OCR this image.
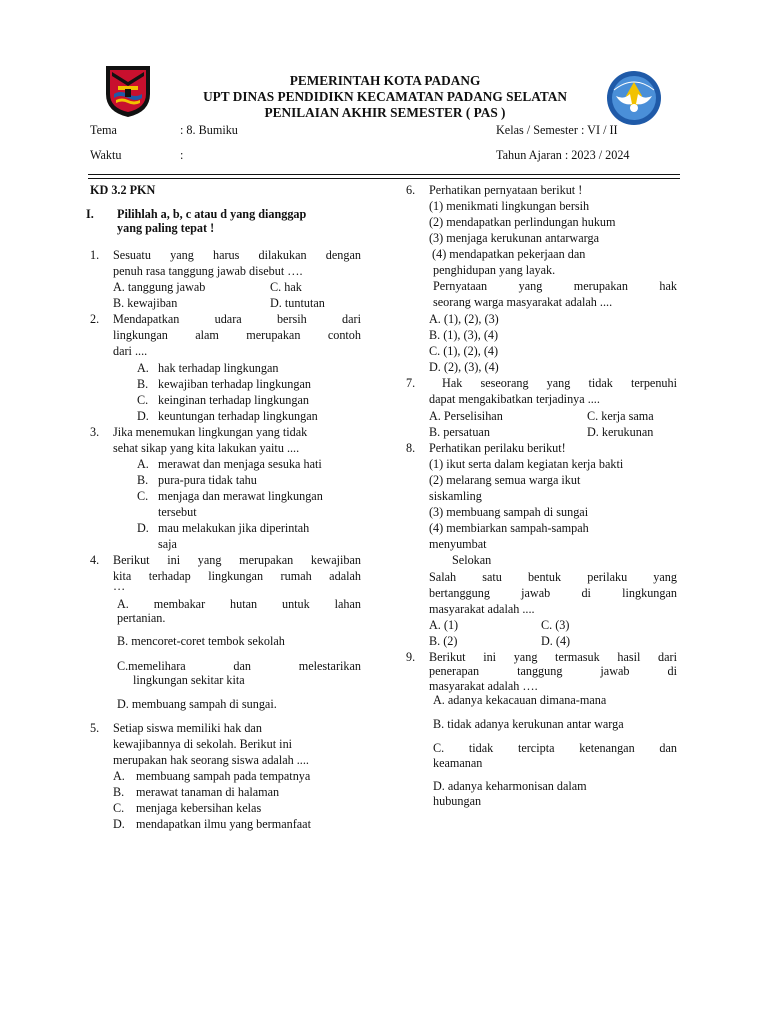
PEMERINTAH KOTA PADANG
UPT DINAS PENDIDIKN KECAMATAN PADANG SELATAN
PENILAIAN AKHIR SEMESTER ( PAS )
Tema	: 8. Bumiku	Kelas / Semester : VI / II
Waktu	:	Tahun Ajaran : 2023 / 2024
KD 3.2 PKN
I. Pilihlah a, b, c atau d yang dianggap
yang paling tepat !
1. Sesuatu yang harus dilakukan dengan
penuh rasa tanggung jawab disebut ….
A. tanggung jawab	C. hak
B. kewajiban	D. tuntutan
2. Mendapatkan	udara	bersih	dari
lingkungan alam merupakan contoh
dari ....
A. hak terhadap lingkungan
B. kewajiban terhadap lingkungan
C. keinginan terhadap lingkungan
D. keuntungan terhadap lingkungan
3. Jika menemukan lingkungan yang tidak
sehat sikap yang kita lakukan yaitu ....
A. merawat dan menjaga sesuka hati
B. pura-pura tidak tahu
C. menjaga dan merawat lingkungan
tersebut
D. mau melakukan jika diperintah
saja
4. Berikut ini yang merupakan kewajiban
kita terhadap lingkungan rumah adalah
…
A. membakar hutan untuk lahan
pertanian.
B. mencoret-coret tembok sekolah
C.memelihara dan melestarikan
lingkungan sekitar kita
D. membuang sampah di sungai.
5. Setiap siswa memiliki hak dan
kewajibannya di sekolah. Berikut ini
merupakan hak seorang siswa adalah ....
A. membuang sampah pada tempatnya
B. merawat tanaman di halaman
C. menjaga kebersihan kelas
D. mendapatkan ilmu yang bermanfaat
6. Perhatikan pernyataan berikut !
(1) menikmati lingkungan bersih
(2) mendapatkan perlindungan hukum
(3) menjaga kerukunan antarwarga
(4) mendapatkan pekerjaan dan
penghidupan yang layak.
Pernyataan yang merupakan hak
seorang warga masyarakat adalah ....
A. (1), (2), (3)
B. (1), (3), (4)
C. (1), (2), (4)
D. (2), (3), (4)
7. Hak  seseorang  yang  tidak  terpenuhi
dapat mengakibatkan terjadinya ....
A. Perselisihan	C. kerja sama
B. persatuan	D. kerukunan
8. Perhatikan perilaku berikut!
(1) ikut serta dalam kegiatan kerja bakti
(2) melarang semua warga ikut
siskamling
(3) membuang sampah di sungai
(4) membiarkan sampah-sampah
menyumbat
Selokan
Salah satu bentuk perilaku yang
bertanggung jawab di lingkungan
masyarakat adalah ....
A. (1)	C. (3)
B. (2)	D. (4)
9. Berikut ini yang termasuk hasil dari
penerapan tanggung jawab di
masyarakat adalah ….
A. adanya kekacauan dimana-mana
B. tidak adanya kerukunan antar warga
C. tidak tercipta ketenangan dan
keamanan
D. adanya keharmonisan dalam
hubungan
